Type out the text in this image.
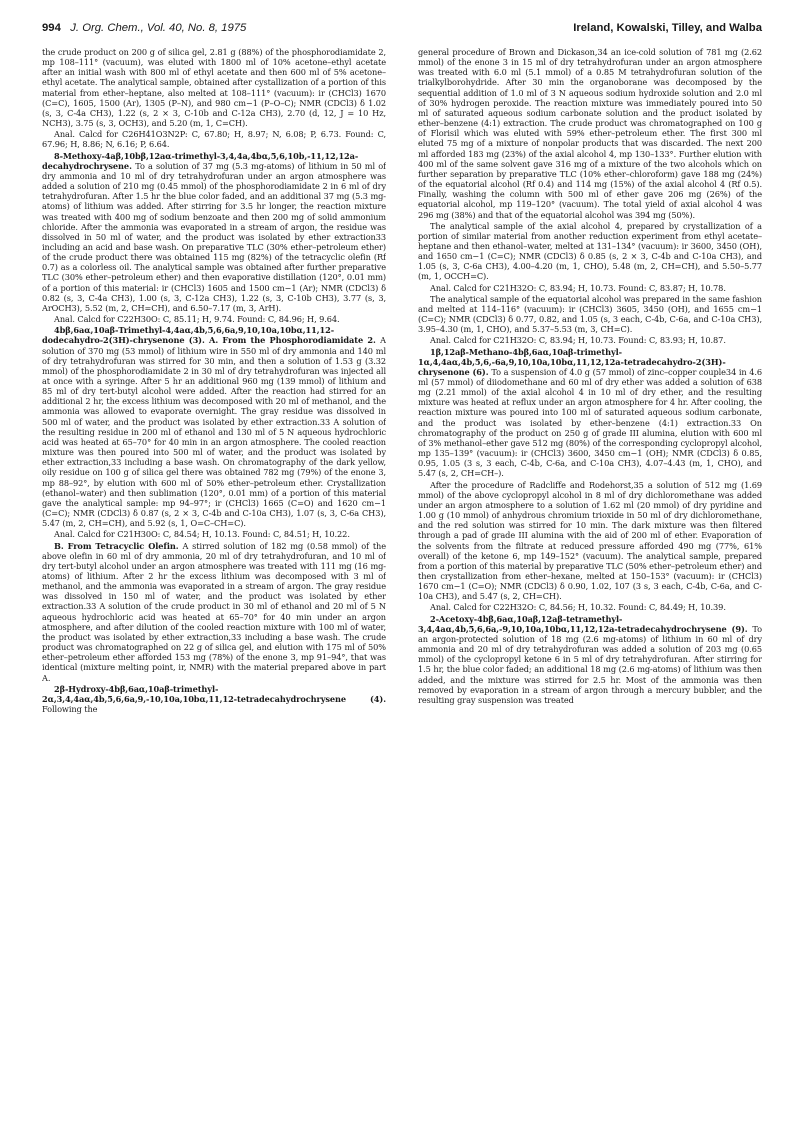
994 J. Org. Chem., Vol. 40, No. 8, 1975	Ireland, Kowalski, Tilley, and Walba

the crude product on 200 g of silica gel, 2.81 g (88%) of the phosphorodiamidate 2, mp 108–111° (vacuum), was eluted with 1800 ml of 10% acetone–ethyl acetate after an initial wash with 800 ml of ethyl acetate and then 600 ml of 5% acetone–ethyl acetate. The analytical sample, obtained after cystallization of a portion of this material from ether–heptane, also melted at 108–111° (vacuum): ir (CHCl3) 1670 (C=C), 1605, 1500 (Ar), 1305 (P–N), and 980 cm−1 (P–O–C); NMR (CDCl3) δ 1.02 (s, 3, C-4a CH3), 1.22 (s, 2 × 3, C-10b and C-12a CH3), 2.70 (d, 12, J = 10 Hz, NCH3), 3.75 (s, 3, OCH3), and 5.20 (m, 1, C=CH).

Anal. Calcd for C26H41O3N2P: C, 67.80; H, 8.97; N, 6.08; P, 6.73. Found: C, 67.96; H, 8.86; N, 6.16; P, 6.64.

8-Methoxy-4aβ,10bβ,12aα-trimethyl-3,4,4a,4bα,5,6,10b,-11,12,12a-decahydrochrysene. To a solution of 37 mg (5.3 mg-atoms) of lithium in 50 ml of dry ammonia and 10 ml of dry tetrahydrofuran under an argon atmosphere was added a solution of 210 mg (0.45 mmol) of the phosphorodiamidate 2 in 6 ml of dry tetrahydrofuran. After 1.5 hr the blue color faded, and an additional 37 mg (5.3 mg-atoms) of lithium was added. After stirring for 3.5 hr longer, the reaction mixture was treated with 400 mg of sodium benzoate and then 200 mg of solid ammonium chloride. After the ammonia was evaporated in a stream of argon, the residue was dissolved in 50 ml of water, and the product was isolated by ether extraction33 including an acid and base wash. On preparative TLC (30% ether–petroleum ether) of the crude product there was obtained 115 mg (82%) of the tetracyclic olefin (Rf 0.7) as a colorless oil. The analytical sample was obtained after further preparative TLC (30% ether–petroleum ether) and then evaporative distillation (120°, 0.01 mm) of a portion of this material: ir (CHCl3) 1605 and 1500 cm−1 (Ar); NMR (CDCl3) δ 0.82 (s, 3, C-4a CH3), 1.00 (s, 3, C-12a CH3), 1.22 (s, 3, C-10b CH3), 3.77 (s, 3, ArOCH3), 5.52 (m, 2, CH=CH), and 6.50–7.17 (m, 3, ArH).

Anal. Calcd for C22H30O: C, 85.11; H, 9.74. Found: C, 84.96; H, 9.64.

4bβ,6aα,10aβ-Trimethyl-4,4aα,4b,5,6,6a,9,10,10a,10bα,11,12-dodecahydro-2(3H)-chrysenone (3). A. From the Phosphorodiamidate 2. A solution of 370 mg (53 mmol) of lithium wire in 550 ml of dry ammonia and 140 ml of dry tetrahydrofuran was stirred for 30 min, and then a solution of 1.53 g (3.32 mmol) of the phosphorodiamidate 2 in 30 ml of dry tetrahydrofuran was injected all at once with a syringe. After 5 hr an additional 960 mg (139 mmol) of lithium and 85 ml of dry tert-butyl alcohol were added. After the reaction had stirred for an additional 2 hr, the excess lithium was decomposed with 20 ml of methanol, and the ammonia was allowed to evaporate overnight. The gray residue was dissolved in 500 ml of water, and the product was isolated by ether extraction.33 A solution of the resulting residue in 200 ml of ethanol and 130 ml of 5 N aqueous hydrochloric acid was heated at 65–70° for 40 min in an argon atmosphere. The cooled reaction mixture was then poured into 500 ml of water, and the product was isolated by ether extraction,33 including a base wash. On chromatography of the dark yellow, oily residue on 100 g of silica gel there was obtained 782 mg (79%) of the enone 3, mp 88–92°, by elution with 600 ml of 50% ether–petroleum ether. Crystallization (ethanol–water) and then sublimation (120°, 0.01 mm) of a portion of this material gave the analytical sample: mp 94–97°; ir (CHCl3) 1665 (C=O) and 1620 cm−1 (C=C); NMR (CDCl3) δ 0.87 (s, 2 × 3, C-4b and C-10a CH3), 1.07 (s, 3, C-6a CH3), 5.47 (m, 2, CH=CH), and 5.92 (s, 1, O=C–CH=C).

Anal. Calcd for C21H30O: C, 84.54; H, 10.13. Found: C, 84.51; H, 10.22.

B. From Tetracyclic Olefin. A stirred solution of 182 mg (0.58 mmol) of the above olefin in 60 ml of dry ammonia, 20 ml of dry tetrahydrofuran, and 10 ml of dry tert-butyl alcohol under an argon atmosphere was treated with 111 mg (16 mg-atoms) of lithium. After 2 hr the excess lithium was decomposed with 3 ml of methanol, and the ammonia was evaporated in a stream of argon. The gray residue was dissolved in 150 ml of water, and the product was isolated by ether extraction.33 A solution of the crude product in 30 ml of ethanol and 20 ml of 5 N aqueous hydrochloric acid was heated at 65–70° for 40 min under an argon atmosphere, and after dilution of the cooled reaction mixture with 100 ml of water, the product was isolated by ether extraction,33 including a base wash. The crude product was chromatographed on 22 g of silica gel, and elution with 175 ml of 50% ether–petroleum ether afforded 153 mg (78%) of the enone 3, mp 91–94°, that was identical (mixture melting point, ir, NMR) with the material prepared above in part A.

2β-Hydroxy-4bβ,6aα,10aβ-trimethyl-2α,3,4,4aα,4b,5,6,6a,9,-10,10a,10bα,11,12-tetradecahydrochrysene (4). Following the

general procedure of Brown and Dickason,34 an ice-cold solution of 781 mg (2.62 mmol) of the enone 3 in 15 ml of dry tetrahydrofuran under an argon atmosphere was treated with 6.0 ml (5.1 mmol) of a 0.85 M tetrahydrofuran solution of the trialkylborohydride. After 30 min the organoborane was decomposed by the sequential addition of 1.0 ml of 3 N aqueous sodium hydroxide solution and 2.0 ml of 30% hydrogen peroxide. The reaction mixture was immediately poured into 50 ml of saturated aqueous sodium carbonate solution and the product isolated by ether–benzene (4:1) extraction. The crude product was chromatographed on 100 g of Florisil which was eluted with 59% ether–petroleum ether. The first 300 ml eluted 75 mg of a mixture of nonpolar products that was discarded. The next 200 ml afforded 183 mg (23%) of the axial alcohol 4, mp 130–133°. Further elution with 400 ml of the same solvent gave 316 mg of a mixture of the two alcohols which on further separation by preparative TLC (10% ether–chloroform) gave 188 mg (24%) of the equatorial alcohol (Rf 0.4) and 114 mg (15%) of the axial alcohol 4 (Rf 0.5). Finally, washing the column with 500 ml of ether gave 206 mg (26%) of the equatorial alcohol, mp 119–120° (vacuum). The total yield of axial alcohol 4 was 296 mg (38%) and that of the equatorial alcohol was 394 mg (50%).

The analytical sample of the axial alcohol 4, prepared by crystallization of a portion of similar material from another reduction experiment from ethyl acetate–heptane and then ethanol–water, melted at 131–134° (vacuum): ir 3600, 3450 (OH), and 1650 cm−1 (C=C); NMR (CDCl3) δ 0.85 (s, 2 × 3, C-4b and C-10a CH3), and 1.05 (s, 3, C-6a CH3), 4.00–4.20 (m, 1, CHO), 5.48 (m, 2, CH=CH), and 5.50–5.77 (m, 1, OCCH=C).

Anal. Calcd for C21H32O: C, 83.94; H, 10.73. Found: C, 83.87; H, 10.78.

The analytical sample of the equatorial alcohol was prepared in the same fashion and melted at 114–116° (vacuum): ir (CHCl3) 3605, 3450 (OH), and 1655 cm−1 (C=C); NMR (CDCl3) δ 0.77, 0.82, and 1.05 (s, 3 each, C-4b, C-6a, and C-10a CH3), 3.95–4.30 (m, 1, CHO), and 5.37–5.53 (m, 3, CH=C).

Anal. Calcd for C21H32O: C, 83.94; H, 10.73. Found: C, 83.93; H, 10.87.

1β,12aβ-Methano-4bβ,6aα,10aβ-trimethyl-1α,4,4aα,4b,5,6,-6a,9,10,10a,10bα,11,12,12a-tetradecahydro-2(3H)-chrysenone (6). To a suspension of 4.0 g (57 mmol) of zinc–copper couple34 in 4.6 ml (57 mmol) of diiodomethane and 60 ml of dry ether was added a solution of 638 mg (2.21 mmol) of the axial alcohol 4 in 10 ml of dry ether, and the resulting mixture was heated at reflux under an argon atmosphere for 4 hr. After cooling, the reaction mixture was poured into 100 ml of saturated aqueous sodium carbonate, and the product was isolated by ether–benzene (4:1) extraction.33 On chromatography of the product on 250 g of grade III alumina, elution with 600 ml of 3% methanol–ether gave 512 mg (80%) of the corresponding cyclopropyl alcohol, mp 135–139° (vacuum): ir (CHCl3) 3600, 3450 cm−1 (OH); NMR (CDCl3) δ 0.85, 0.95, 1.05 (3 s, 3 each, C-4b, C-6a, and C-10a CH3), 4.07–4.43 (m, 1, CHO), and 5.47 (s, 2, CH=CH–).

After the procedure of Radcliffe and Rodehorst,35 a solution of 512 mg (1.69 mmol) of the above cyclopropyl alcohol in 8 ml of dry dichloromethane was added under an argon atmosphere to a solution of 1.62 ml (20 mmol) of dry pyridine and 1.00 g (10 mmol) of anhydrous chromium trioxide in 50 ml of dry dichloromethane, and the red solution was stirred for 10 min. The dark mixture was then filtered through a pad of grade III alumina with the aid of 200 ml of ether. Evaporation of the solvents from the filtrate at reduced pressure afforded 490 mg (77%, 61% overall) of the ketone 6, mp 149–152° (vacuum). The analytical sample, prepared from a portion of this material by preparative TLC (50% ether–petroleum ether) and then crystallization from ether–hexane, melted at 150–153° (vacuum): ir (CHCl3) 1670 cm−1 (C=O); NMR (CDCl3) δ 0.90, 1.02, 107 (3 s, 3 each, C-4b, C-6a, and C-10a CH3), and 5.47 (s, 2, CH=CH).

Anal. Calcd for C22H32O: C, 84.56; H, 10.32. Found: C, 84.49; H, 10.39.

2-Acetoxy-4bβ,6aα,10aβ,12aβ-tetramethyl-3,4,4aα,4b,5,6,6a,-9,10,10a,10bα,11,12,12a-tetradecahydrochrysene (9). To an argon-protected solution of 18 mg (2.6 mg-atoms) of lithium in 60 ml of dry ammonia and 20 ml of dry tetrahydrofuran was added a solution of 203 mg (0.65 mmol) of the cyclopropyl ketone 6 in 5 ml of dry tetrahydrofuran. After stirring for 1.5 hr, the blue color faded; an additional 18 mg (2.6 mg-atoms) of lithium was then added, and the mixture was stirred for 2.5 hr. Most of the ammonia was then removed by evaporation in a stream of argon through a mercury bubbler, and the resulting gray suspension was treated
